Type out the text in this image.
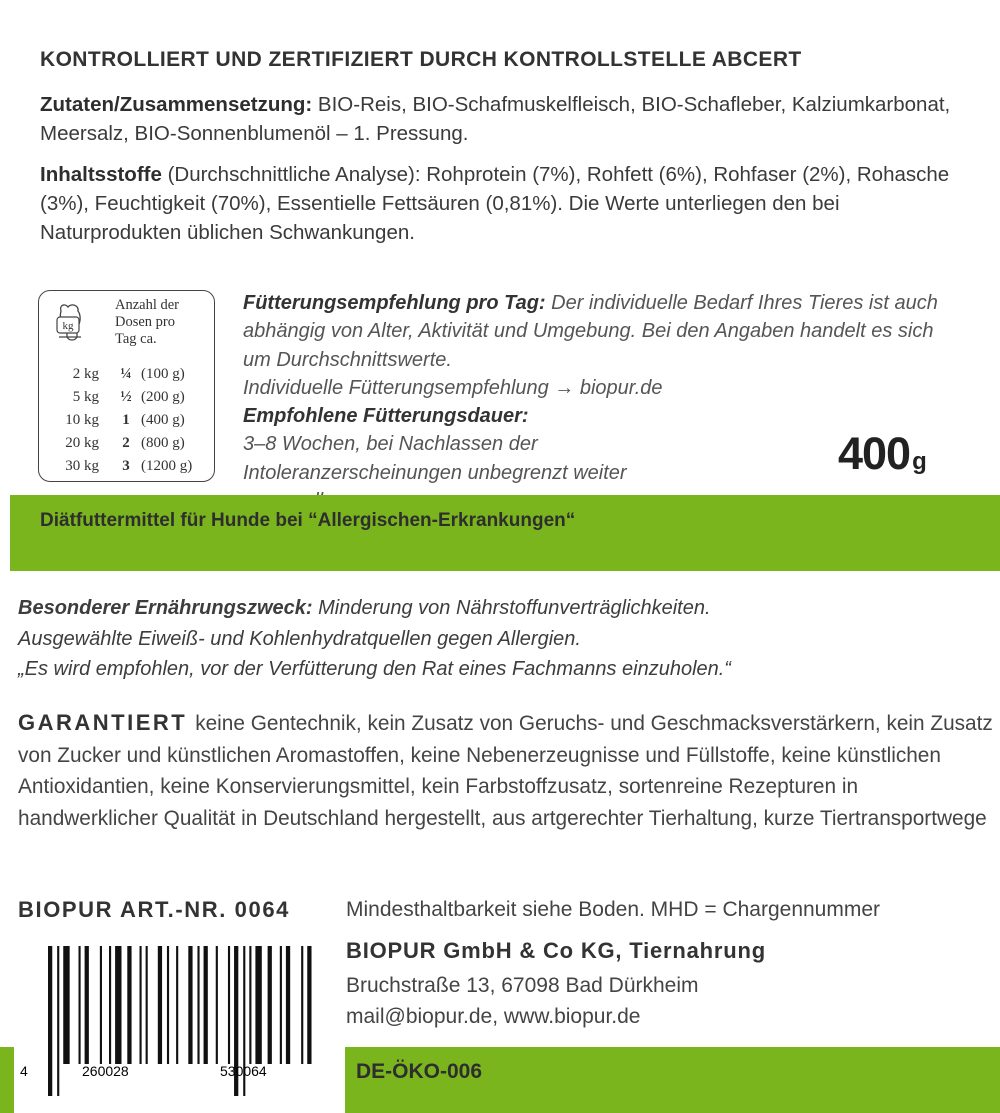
KONTROLLIERT UND ZERTIFIZIERT DURCH KONTROLLSTELLE ABCERT
Zutaten/Zusammensetzung: BIO-Reis, BIO-Schafmuskelfleisch, BIO-Schafleber, Kalziumkarbonat, Meersalz, BIO-Sonnenblumenöl – 1. Pressung.
Inhaltsstoffe (Durchschnittliche Analyse): Rohprotein (7%), Rohfett (6%), Rohfaser (2%), Rohasche (3%), Feuchtigkeit (70%), Essentielle Fettsäuren (0,81%). Die Werte unterliegen den bei Naturprodukten üblichen Schwankungen.
kg
Anzahl der
Dosen pro
Tag ca.
2 kg	¼	(100 g)
5 kg	½	(200 g)
10 kg	1	(400 g)
20 kg	2	(800 g)
30 kg	3	(1200 g)
Fütterungsempfehlung pro Tag: Der individuelle Bedarf Ihres Tieres ist auch abhängig von Alter, Aktivität und Umgebung. Bei den Angaben handelt es sich um Durchschnittswerte.
Individuelle Fütterungsempfehlung → biopur.de
Empfohlene Fütterungsdauer: 3–8 Wochen, bei Nachlassen der Intoleranzerscheinungen unbegrenzt weiter	400g
Diätfuttermittel für Hunde bei “Allergischen-Erkrankungen“
Besonderer Ernährungszweck: Minderung von Nährstoffunverträglichkeiten.
Ausgewählte Eiweiß- und Kohlenhydratquellen gegen Allergien.
„Es wird empfohlen, vor der Verfütterung den Rat eines Fachmanns einzuholen.“
GARANTIERT keine Gentechnik, kein Zusatz von Geruchs- und Geschmacksverstärkern, kein Zusatz von Zucker und künstlichen Aromastoffen, keine Nebenerzeugnisse und Füllstoffe, keine künstlichen Antioxidantien, keine Konservierungsmittel, kein Farbstoffzusatz, sortenreine Rezepturen in handwerklicher Qualität in Deutschland hergestellt, aus artgerechter Tierhaltung, kurze Tiertransportwege
BIOPUR ART.-NR. 0064	Mindesthaltbarkeit siehe Boden. MHD = Chargennummer
BIOPUR GmbH & Co KG, Tiernahrung
Bruchstraße 13, 67098 Bad Dürkheim
mail@biopur.de, www.biopur.de
DE-ÖKO-006
4	260028	530064
